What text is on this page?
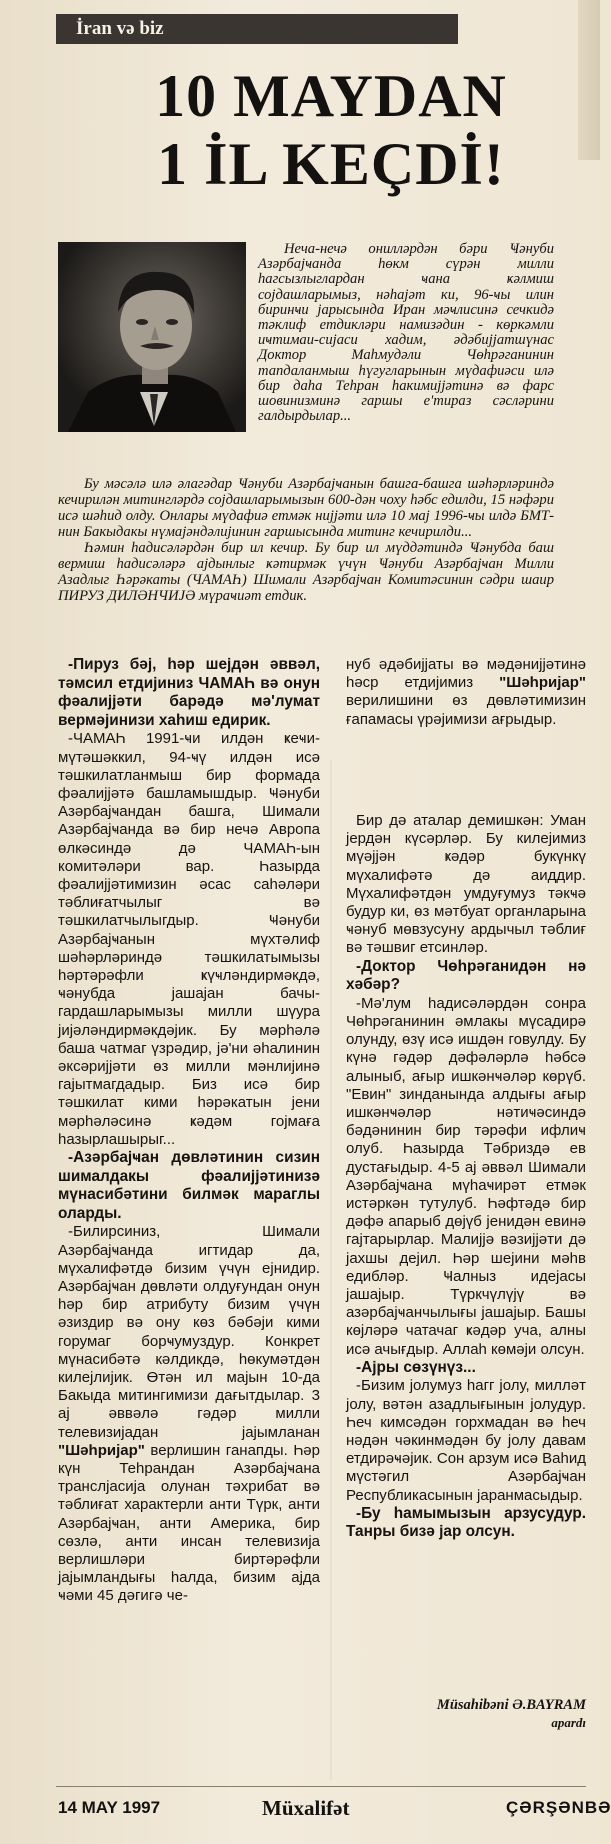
İran və biz
10 MAYDAN
1 İL KEÇDİ!

Неча-нечә онилләрдән бәри Ҹәнуби Азәрбајҹанда һөкм сүрән милли һагсызлыглардан ҹана ҝәлмиш соjдашларымыз, нәһајәт ки, 96-ҹы илин биринҹи јарысында Иран мәҹлисинә сечкидә тәклиф етдикләри намизәдин - көркәмли иҹтимаи-сијаси хадим, әдәбијјатшүнас Доктор Маһмудәли Чөһрәганинин тапдаланмыш һүгугларынын мүдафиәси илә бир даһа Теһран һакимијјәтинә вә фарс шовинизминә гаршы е'тираз сәсләрини галдырдылар...

Бу мәсәлә илә әлагәдар Ҹәнуби Азәрбајҹанын башга-башга шәһәрләриндә кечирилән митингләрдә соjдашларымызын 600-дән чоху һәбс едилди, 15 нәфәри исә шәһид олду. Онлары мүдафиә етмәк нијјәти илә 10 мај 1996-ҹы илдә БМТ-нин Бакыдакы нүмајәндәлијинин гаршысында митинг кечирилди...

Һәмин һадисәләрдән бир ил кечир. Бу бир ил мүддәтиндә Ҹәнубда баш вермиш һадисәләрә ајдынлыг ҝәтирмәк үчүн Ҹәнуби Азәрбајҹан Милли Азадлыг Һәрәкаты (ЧАМАҺ) Шимали Азәрбајҹан Комитәсинин сәдри шаир ПИРУЗ ДИЛӘНЧИЈӘ мүраҹиәт етдик.

-Пируз бәј, һәр шејдән әввәл, тәмсил етдијиниз ЧАМАҺ вә онун фәалијјәти барәдә мә'лумат вермәјинизи хаһиш едирик.

-ЧАМАҺ 1991-ҹи илдән ҝеҹи-мүтәшәккил, 94-ҹү илдән исә тәшкилатланмыш бир формада фәалијјәтә башламышдыр. Ҹәнуби Азәрбајҹандан башга, Шимали Азәрбајҹанда вә бир нечә Авропа өлкәсиндә дә ЧАМАҺ-ын комитәләри вар. Һазырда фәалијјәтимизин әсас саһәләри тәблиғатчылыг вә тәшкилатчылыгдыр. Ҹәнуби Азәрбајҹанын мүхтәлиф шәһәрләриндә тәшкилатымызы һәртәрәфли ҝүҹләндирмәкдә, ҹәнубда јашајан бачы-гардашларымызы милли шүура јијәләндирмәкдәјик. Бу мәрһәлә баша чатмаг үзрәдир, јә'ни әһалинин әксәријјәти өз милли мәнлијинә гајытмагдадыр. Биз исә бир тәшкилат кими һәрәкатын јени мәрһәләсинә ҝәдәм гојмаға һазырлашырыг...

-Азәрбајҹан дөвләтинин сизин шималдакы фәалијјәтинизә мүнасибәтини билмәк мараглы оларды.

-Билирсиниз, Шимали Азәрбајҹанда игтидар да, мүхалифәтдә бизим үчүн ејнидир. Азәрбајҹан дөвләти олдуғундан онун һәр бир атрибуту бизим үчүн әзиздир вә ону көз бәбәји кими горумаг борҹумуздур. Конкрет мүнасибәтә кәлдикдә, һөкумәтдән килејлијик. Өтән ил мајын 10-да Бакыда митингимизи дағытдылар. 3 ај әввәлә гәдәр милли телевизијадан јајымланан "Шәһријар" верлишин ганапды. Һәр күн Теһрандан Азәрбајҹана транслјасија олунан тәхрибат вә тәблиғат характерли анти Түрк, анти Азәрбајҹан, анти Америка, бир сөзлә, анти инсан телевизија верлишләри биртәрәфли јајымландығы һалда, бизим ајда ҹәми 45 дәгигә че-

нуб әдәбијјаты вә мәдәнијјәтинә һәср етдијимиз "Шәһријар" верилишини өз дөвләтимизин ғапамасы үрәјимизи ағрыдыр.

Бир дә аталар демишкән: Уман јердән күсәрләр. Бу килејимиз мүәјјән ҝәдәр букүнкү мүхалифәтә дә аиддир. Мүхалифәтдән умдуғумуз тәкҹә будур ки, өз мәтбуат органларына ҹәнуб мөвзусуну ардычыл тәблиғ вә тәшвиг етсинләр.

-Доктор Чөһрәганидән нә хәбәр?

-Мә'лум һадисәләрдән сонра Чөһрәганинин әмлакы мүсадирә олунду, өзү исә ишдән говулду. Бу күнә гәдәр дәфәләрлә һәбсә алыныб, ағыр ишкәнҹәләр көрүб. "Евин" зинданында алдығы ағыр ишкәнҹәләр нәтиҹәсиндә бәдәнинин бир тәрәфи ифлиҹ олуб. Һазырда Тәбриздә ев дустағыдыр. 4-5 ај әввәл Шимали Азәрбајҹана мүһаҹирәт етмәк истәркән тутулуб. Һәфтәдә бир дәфә апарыб дөјүб јенидән евинә гајтарырлар. Малијјә вәзијјәти дә јахшы дејил. Һәр шејини мәһв едибләр. Ҹалныз идејасы јашајыр. Түркчүлүјү вә азәрбајҹанчылығы јашајыр. Башы көјләрә чатачаг ҝәдәр уча, алны исә ачығдыр. Аллаһ көмәји олсун.

-Ајры сөзүнүз...

-Бизим јолумуз һагг јолу, милләт јолу, вәтән азадлығынын јолудур. Һеч кимсәдән горхмадан вә һеч нәдән чәкинмәдән бу јолу давам етдирәҹәјик. Сон арзум исә Ваһид мүстәгил Азәрбајҹан Республикасынын јаранмасыдыр.

-Бу һамымызын арзусудур. Танры бизә јар олсун.

Müsahibəni Ə.BAYRAM
apardı
14 MAY 1997	Müxalifət	ÇƏRŞƏNBƏ
